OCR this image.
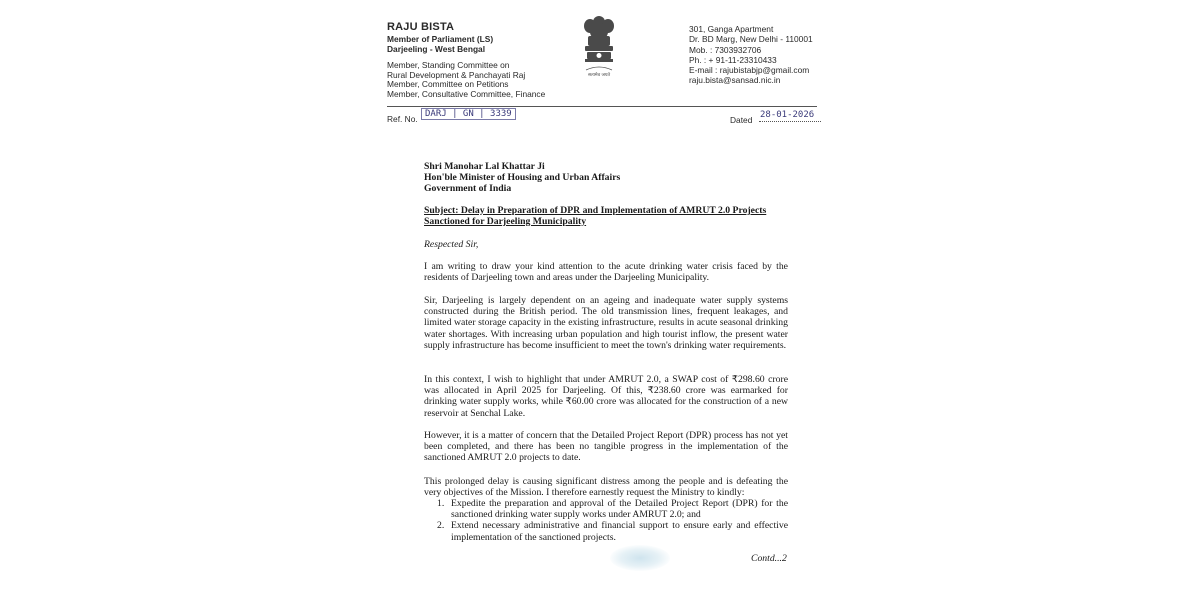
RAJU BISTA
Member of Parliament (LS)
Darjeeling - West Bengal
Member, Standing Committee on
Rural Development & Panchayati Raj
Member, Committee on Petitions
Member, Consultative Committee, Finance
सत्यमेव जयते
301, Ganga Apartment
Dr. BD Marg, New Delhi - 110001
Mob. : 7303932706
Ph. : + 91-11-23310433
E-mail : rajubistabjp@gmail.com
raju.bista@sansad.nic.in
Ref. No. DARJ | GN | 3339
Dated 28-01-2026
Shri Manohar Lal Khattar Ji
Hon'ble Minister of Housing and Urban Affairs
Government of India
Subject: Delay in Preparation of DPR and Implementation of AMRUT 2.0 Projects Sanctioned for Darjeeling Municipality
Respected Sir,
I am writing to draw your kind attention to the acute drinking water crisis faced by the residents of Darjeeling town and areas under the Darjeeling Municipality.
Sir, Darjeeling is largely dependent on an ageing and inadequate water supply systems constructed during the British period. The old transmission lines, frequent leakages, and limited water storage capacity in the existing infrastructure, results in acute seasonal drinking water shortages. With increasing urban population and high tourist inflow, the present water supply infrastructure has become insufficient to meet the town's drinking water requirements.
In this context, I wish to highlight that under AMRUT 2.0, a SWAP cost of ₹298.60 crore was allocated in April 2025 for Darjeeling. Of this, ₹238.60 crore was earmarked for drinking water supply works, while ₹60.00 crore was allocated for the construction of a new reservoir at Senchal Lake.
However, it is a matter of concern that the Detailed Project Report (DPR) process has not yet been completed, and there has been no tangible progress in the implementation of the sanctioned AMRUT 2.0 projects to date.
This prolonged delay is causing significant distress among the people and is defeating the very objectives of the Mission. I therefore earnestly request the Ministry to kindly:
1. Expedite the preparation and approval of the Detailed Project Report (DPR) for the sanctioned drinking water supply works under AMRUT 2.0; and
2. Extend necessary administrative and financial support to ensure early and effective implementation of the sanctioned projects.
Contd...2
